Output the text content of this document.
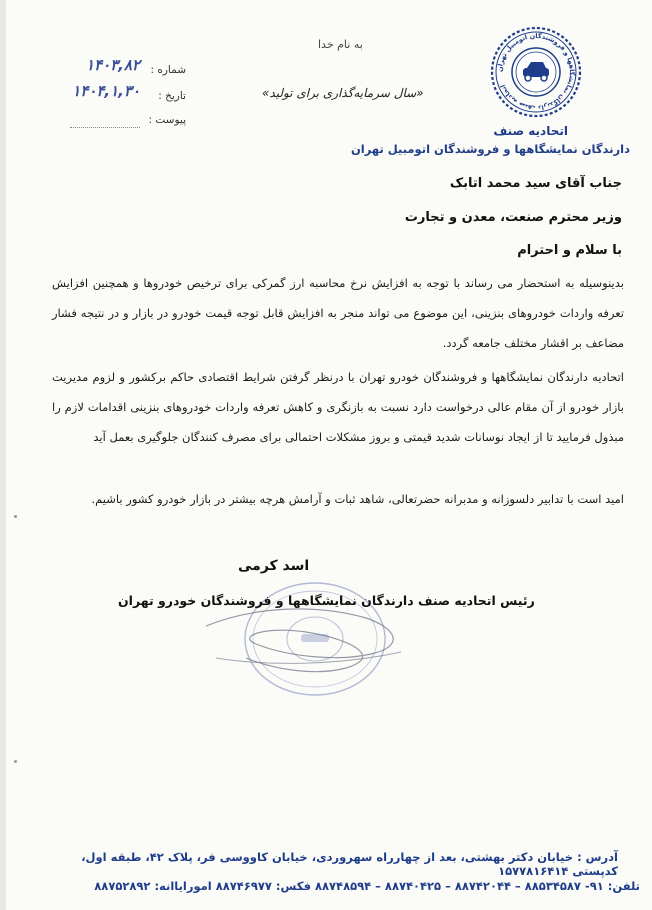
اتحادیه صنف دارندگان نمایشگاهها و فروشندگان اتومبیل تهران
اتحادیه صنف
دارندگان نمایشگاهها و فروشندگان اتومبیل تهران
به نام خدا
«سال سرمایه‌گذاری برای تولید»
شماره :
۱۴۰۳,۸۲
تاریخ :
۱۴۰۴,۱,۳۰
پیوست :
جناب آقای سید محمد اتابک
وزیر محترم صنعت، معدن و تجارت
با سلام و احترام
بدینوسیله به استحضار می رساند با توجه به افزایش نرخ محاسبه ارز گمرکی برای ترخیص خودروها و همچنین افزایش تعرفه واردات خودروهای بنزینی، این موضوع می تواند منجر به افزایش قابل توجه قیمت خودرو در بازار و در نتیجه فشار مضاعف بر اقشار مختلف جامعه گردد.
اتحادیه دارندگان نمایشگاهها و فروشندگان خودرو تهران با درنظر گرفتن شرایط اقتصادی حاکم برکشور و لزوم مدیریت بازار خودرو از آن مقام عالی درخواست دارد نسبت به بازنگری و کاهش تعرفه واردات خودروهای بنزینی اقدامات لازم را مبذول فرمایید تا از ایجاد نوسانات شدید قیمتی و بروز مشکلات احتمالی برای مصرف کنندگان جلوگیری بعمل آید
امید است با تدابیر دلسوزانه و مدبرانه حضرتعالی، شاهد ثبات و آرامش هرچه بیشتر در بازار خودرو کشور باشیم.
اسد کرمی
رئیس اتحادیه صنف دارندگان نمایشگاهها و فروشندگان خودرو تهران
آدرس : خیابان دکتر بهشتی، بعد از چهارراه سهروردی، خیابان کاووسی فر، پلاک ۴۲، طبقه اول، کدپستی ۱۵۷۷۸۱۶۴۱۴
تلفن: ۹۱- ۸۸۵۳۴۵۸۷ – ۸۸۷۴۲۰۴۴ – ۸۸۷۴۰۴۲۵ – ۸۸۷۴۸۵۹۴ فکس: ۸۸۷۴۶۹۷۷ امورایاانه: ۸۸۷۵۲۸۹۲
